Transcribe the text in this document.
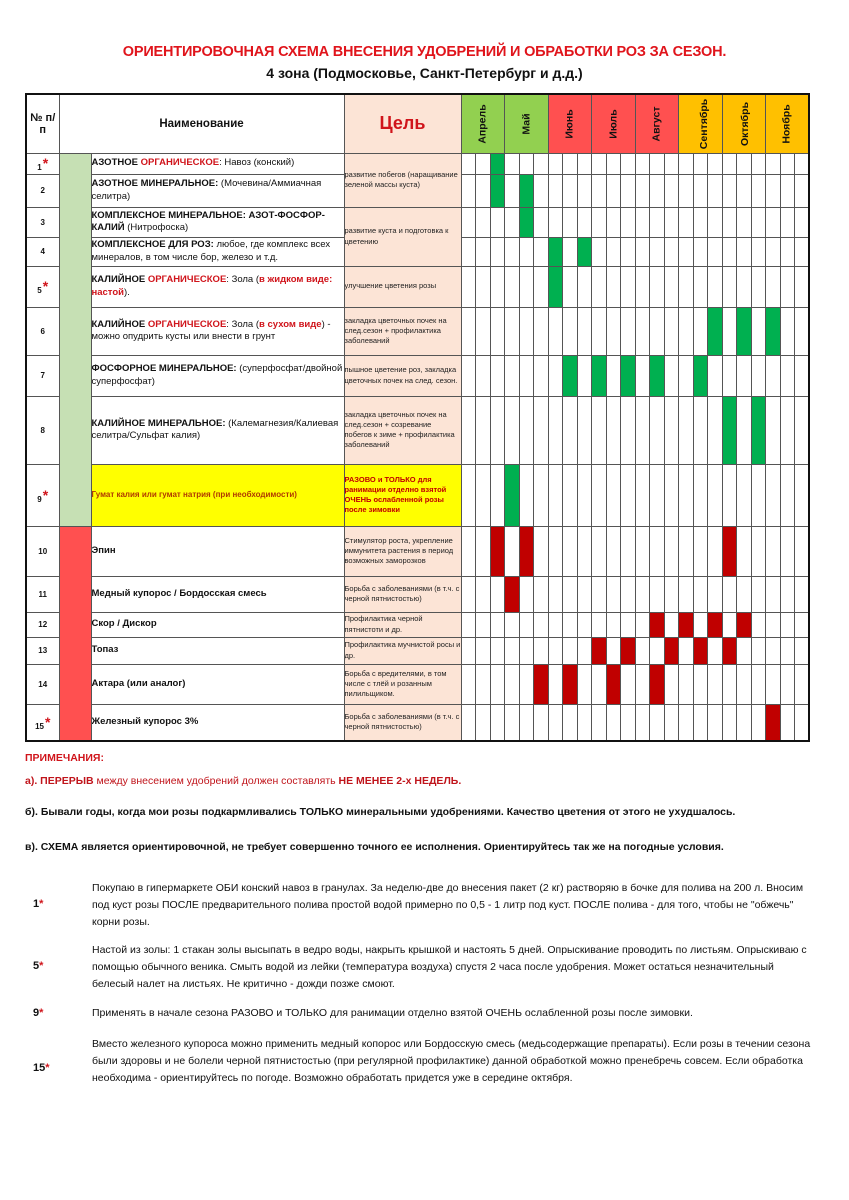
ОРИЕНТИРОВОЧНАЯ СХЕМА ВНЕСЕНИЯ УДОБРЕНИЙ И ОБРАБОТКИ РОЗ ЗА СЕЗОН.
4 зона (Подмосковье, Санкт-Петербург и д.д.)
№ п/п	Наименование		Цель	Апрель			Май			Июнь			Июль			Август			Сентябрь			Октябрь			Ноябрь		
1*		АЗОТНОЕ ОРГАНИЧЕСКОЕ: Навоз (конский)	развитие побегов (наращивание зеленой массы куста)																								
2		АЗОТНОЕ МИНЕРАЛЬНОЕ: (Мочевина/Аммиачная селитра)																									
3		КОМПЛЕКСНОЕ МИНЕРАЛЬНОЕ: АЗОТ-ФОСФОР-КАЛИЙ (Нитрофоска)	развитие куста и подготовка к цветению																								
4		КОМПЛЕКСНОЕ ДЛЯ РОЗ: любое, где комплекс всех минералов, в том числе бор, железо и т.д.																									
5*		КАЛИЙНОЕ ОРГАНИЧЕСКОЕ: Зола (в жидком виде: настой).	улучшение цветения розы																								
6		КАЛИЙНОЕ ОРГАНИЧЕСКОЕ: Зола (в сухом виде) - можно опудрить кусты или внести в грунт	закладка цветочных почек на след.сезон + профилактика заболеваний																								
7		ФОСФОРНОЕ МИНЕРАЛЬНОЕ: (суперфосфат/двойной суперфосфат)	пышное цветение роз, закладка цветочных почек на след. сезон.																								
8		КАЛИЙНОЕ МИНЕРАЛЬНОЕ: (Калемагнезия/Калиевая селитра/Сульфат калия)	закладка цветочных почек на след.сезон + созревание побегов к зиме + профилактика заболеваний																								
9*		Гумат калия или гумат натрия (при необходимости)	РАЗОВО и ТОЛЬКО для ранимации отделно взятой ОЧЕНЬ ослабленной розы после зимовки																								
10		Эпин	Стимулятор роста, укрепление иммунитета растения в период возможных заморозков																								
11		Медный купорос / Бордосская смесь	Борьба с заболеваниями (в т.ч. с черной пятнистостью)																								
12		Скор / Дискор	Профилактика черной пятнистоти и др.																								
13		Топаз	Профилактика мучнистой росы и др.																								
14		Актара (или аналог)	Борьба с вредителями, в том числе с тлёй и розанным пилильщиком.																								
15*		Железный купорос 3%	Борьба с заболеваниями (в т.ч. с черной пятнистостью)																								
ПРИМЕЧАНИЯ:
а). ПЕРЕРЫВ между внесением удобрений должен составлять НЕ МЕНЕЕ 2-х НЕДЕЛЬ.
б). Бывали годы, когда мои розы подкармливались ТОЛЬКО минеральными удобрениями. Качество цветения от этого не ухудшалось.
в). СХЕМА является ориентировочной, не требует совершенно точного ее исполнения. Ориентируйтесь так же на погодные условия.
1*
Покупаю в гипермаркете ОБИ конский навоз в гранулах. За неделю-две до внесения пакет (2 кг) растворяю в бочке для полива на 200 л. Вносим под куст розы ПОСЛЕ предварительного полива простой водой примерно по 0,5 - 1 литр под куст. ПОСЛЕ полива - для того, чтобы не "обжечь" корни розы.
5*
Настой из золы: 1 стакан золы высыпать в ведро воды, накрыть крышкой и настоять 5 дней. Опрыскивание проводить по листьям. Опрыскиваю с помощью обычного веника. Смыть водой из лейки (температура воздуха) спустя 2 часа после удобрения. Может остаться незначительный белесый налет на листьях. Не критично - дожди позже смоют.
9*	Применять в начале сезона РАЗОВО и ТОЛЬКО для ранимации отделно взятой ОЧЕНЬ ослабленной розы после зимовки.
15*
Вместо железного купороса можно применить медный копорос или Бордосскую смесь (медьсодержащие препараты). Если розы в течении сезона были здоровы и не болели черной пятнистостью (при регулярной профилактике) данной обработкой можно пренебречь совсем. Если обработка необходима - ориентируйтесь по погоде. Возможно обработать придется уже в середине октября.
